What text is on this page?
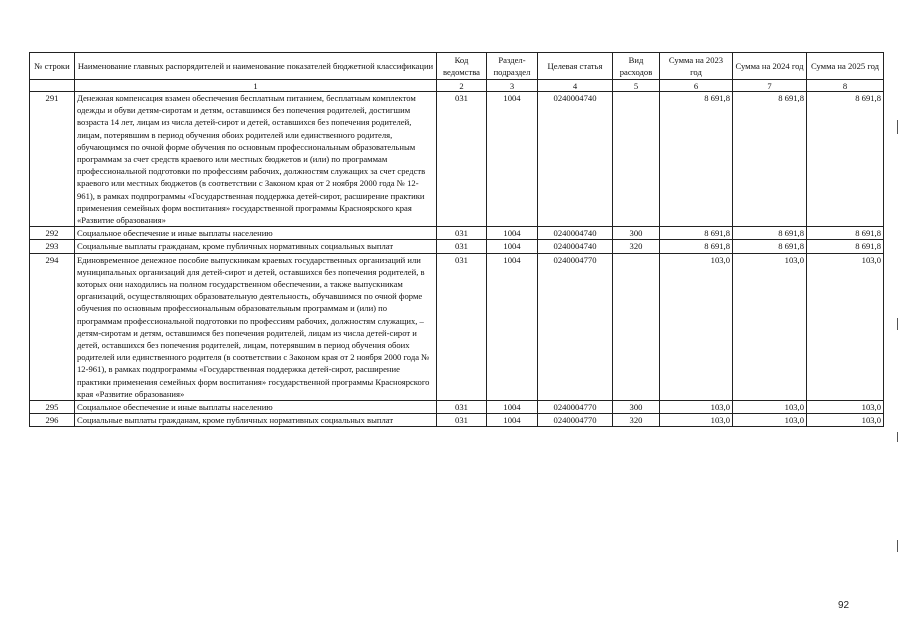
№ строки	Наименование главных распорядителей и наименование показателей бюджетной классификации	Код ведомства	Раздел- подраздел	Целевая статья	Вид расходов	Сумма на 2023 год	Сумма на 2024 год	Сумма на 2025 год
	1	2	3	4	5	6	7	8
291	Денежная компенсация взамен обеспечения бесплатным питанием, бесплатным комплектом одежды и обуви детям-сиротам и детям, оставшимся без попечения родителей, достигшим возраста 14 лет, лицам из числа детей-сирот и детей, оставшихся без попечения родителей, лицам, потерявшим в период обучения обоих родителей или единственного родителя, обучающимся по очной форме обучения по основным профессиональным образовательным программам за счет средств краевого или местных бюджетов и (или) по программам профессиональной подготовки по профессиям рабочих, должностям служащих за счет средств краевого или местных бюджетов (в соответствии с Законом края от 2 ноября 2000 года № 12-961), в рамках подпрограммы «Государственная поддержка детей-сирот, расширение практики применения семейных форм воспитания» государственной программы Красноярского края «Развитие образования»	031	1004	0240004740		8 691,8	8 691,8	8 691,8
292	Социальное обеспечение и иные выплаты населению	031	1004	0240004740	300	8 691,8	8 691,8	8 691,8
293	Социальные выплаты гражданам, кроме публичных нормативных социальных выплат	031	1004	0240004740	320	8 691,8	8 691,8	8 691,8
294	Единовременное денежное пособие выпускникам краевых государственных организаций или муниципальных организаций для детей-сирот и детей, оставшихся без попечения родителей, в которых они находились на полном государственном обеспечении, а также выпускникам организаций, осуществляющих образовательную деятельность, обучавшимся по очной форме обучения по основным профессиональным образовательным программам и (или) по программам профессиональной подготовки по профессиям рабочих, должностям служащих, – детям-сиротам и детям, оставшимся без попечения родителей, лицам из числа детей-сирот и детей, оставшихся без попечения родителей, лицам, потерявшим в период обучения обоих родителей или единственного родителя (в соответствии с Законом края от 2 ноября 2000 года № 12-961), в рамках подпрограммы «Государственная поддержка детей-сирот, расширение практики применения семейных форм воспитания» государственной программы Красноярского края «Развитие образования»	031	1004	0240004770		103,0	103,0	103,0
295	Социальное обеспечение и иные выплаты населению	031	1004	0240004770	300	103,0	103,0	103,0
296	Социальные выплаты гражданам, кроме публичных нормативных социальных выплат	031	1004	0240004770	320	103,0	103,0	103,0
92
